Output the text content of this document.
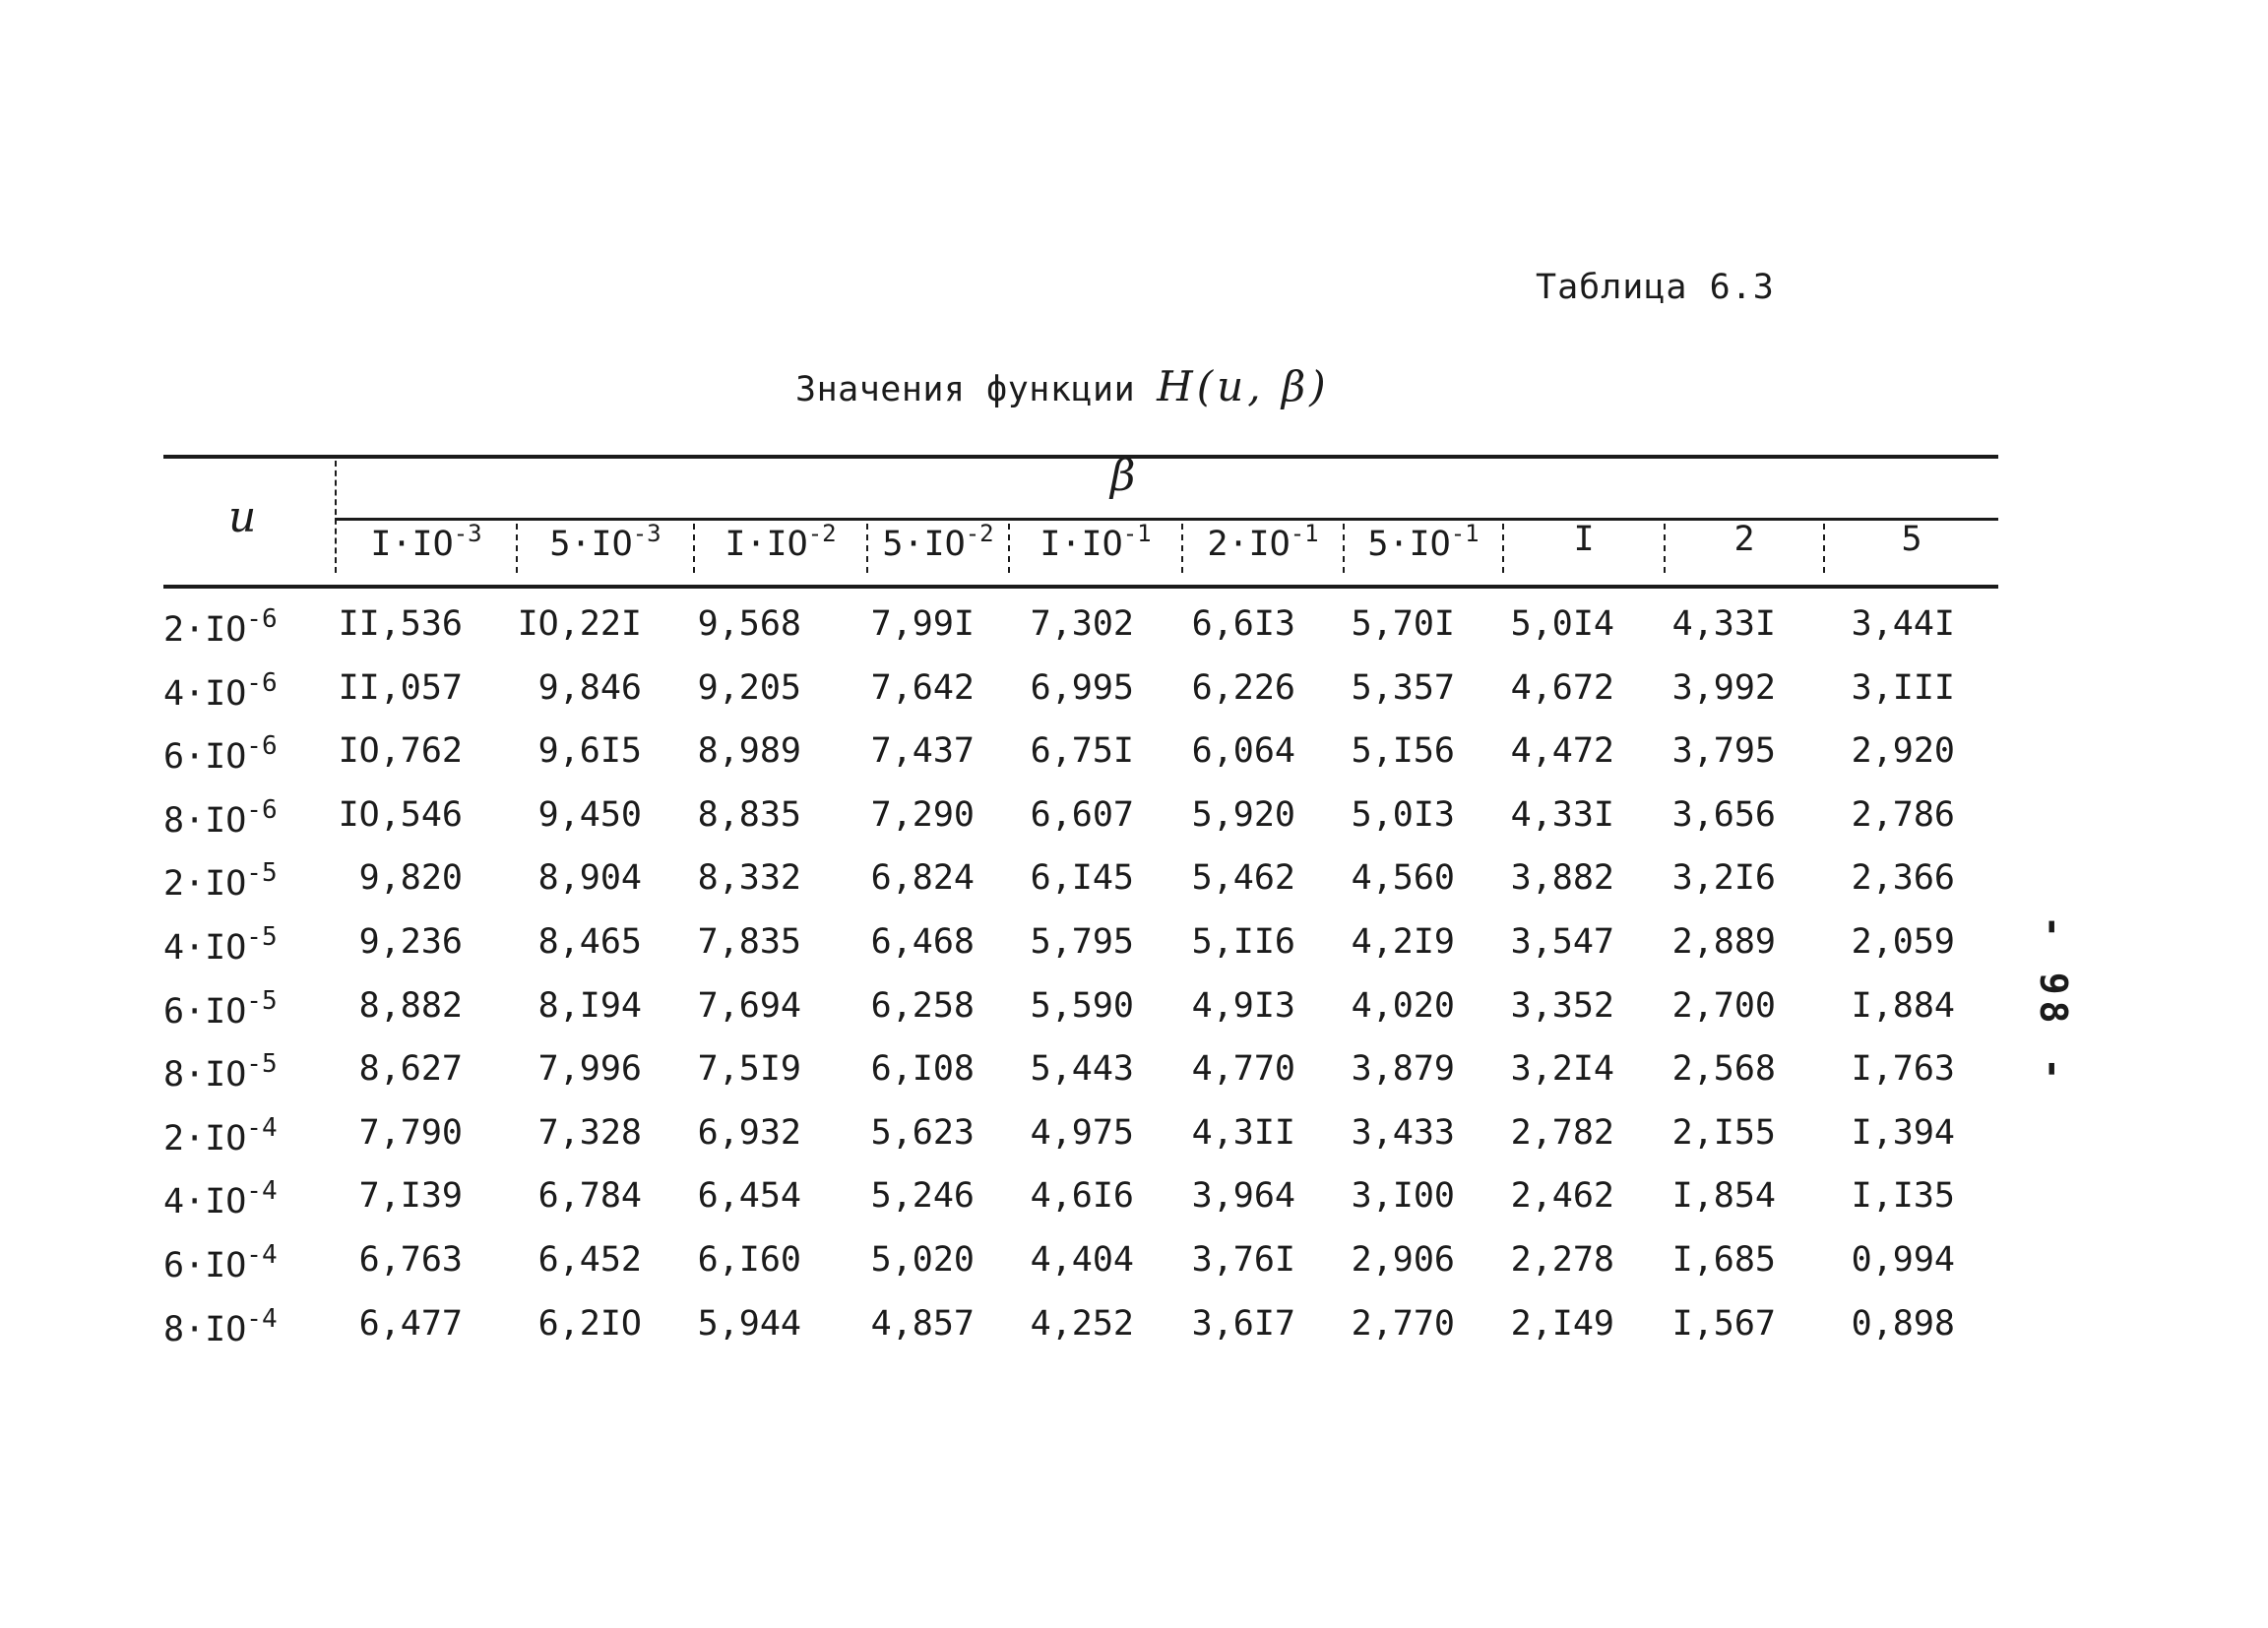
Таблица 6.3
Значения функции H(u, β)
u
β
$I\cdot IO^{-3}$	$5\cdot IO^{-3}$	$I\cdot IO^{-2}$	$5\cdot IO^{-2}$	$I\cdot IO^{-1}$	$2\cdot IO^{-1}$	$5\cdot IO^{-1}$	I	2	5
$2\cdot IO^{-6}$	II,536	IO,22I	9,568	7,99I	7,302	6,6I3	5,70I	5,0I4	4,33I	3,44I
$4\cdot IO^{-6}$	II,057	9,846	9,205	7,642	6,995	6,226	5,357	4,672	3,992	3,III
$6\cdot IO^{-6}$	IO,762	9,6I5	8,989	7,437	6,75I	6,064	5,I56	4,472	3,795	2,920
$8\cdot IO^{-6}$	IO,546	9,450	8,835	7,290	6,607	5,920	5,0I3	4,33I	3,656	2,786
$2\cdot IO^{-5}$	9,820	8,904	8,332	6,824	6,I45	5,462	4,560	3,882	3,2I6	2,366
$4\cdot IO^{-5}$	9,236	8,465	7,835	6,468	5,795	5,II6	4,2I9	3,547	2,889	2,059
$6\cdot IO^{-5}$	8,882	8,I94	7,694	6,258	5,590	4,9I3	4,020	3,352	2,700	I,884
$8\cdot IO^{-5}$	8,627	7,996	7,5I9	6,I08	5,443	4,770	3,879	3,2I4	2,568	I,763
$2\cdot IO^{-4}$	7,790	7,328	6,932	5,623	4,975	4,3II	3,433	2,782	2,I55	I,394
$4\cdot IO^{-4}$	7,I39	6,784	6,454	5,246	4,6I6	3,964	3,I00	2,462	I,854	I,I35
$6\cdot IO^{-4}$	6,763	6,452	6,I60	5,020	4,404	3,76I	2,906	2,278	I,685	0,994
$8\cdot IO^{-4}$	6,477	6,2IO	5,944	4,857	4,252	3,6I7	2,770	2,I49	I,567	0,898
- 98 -
